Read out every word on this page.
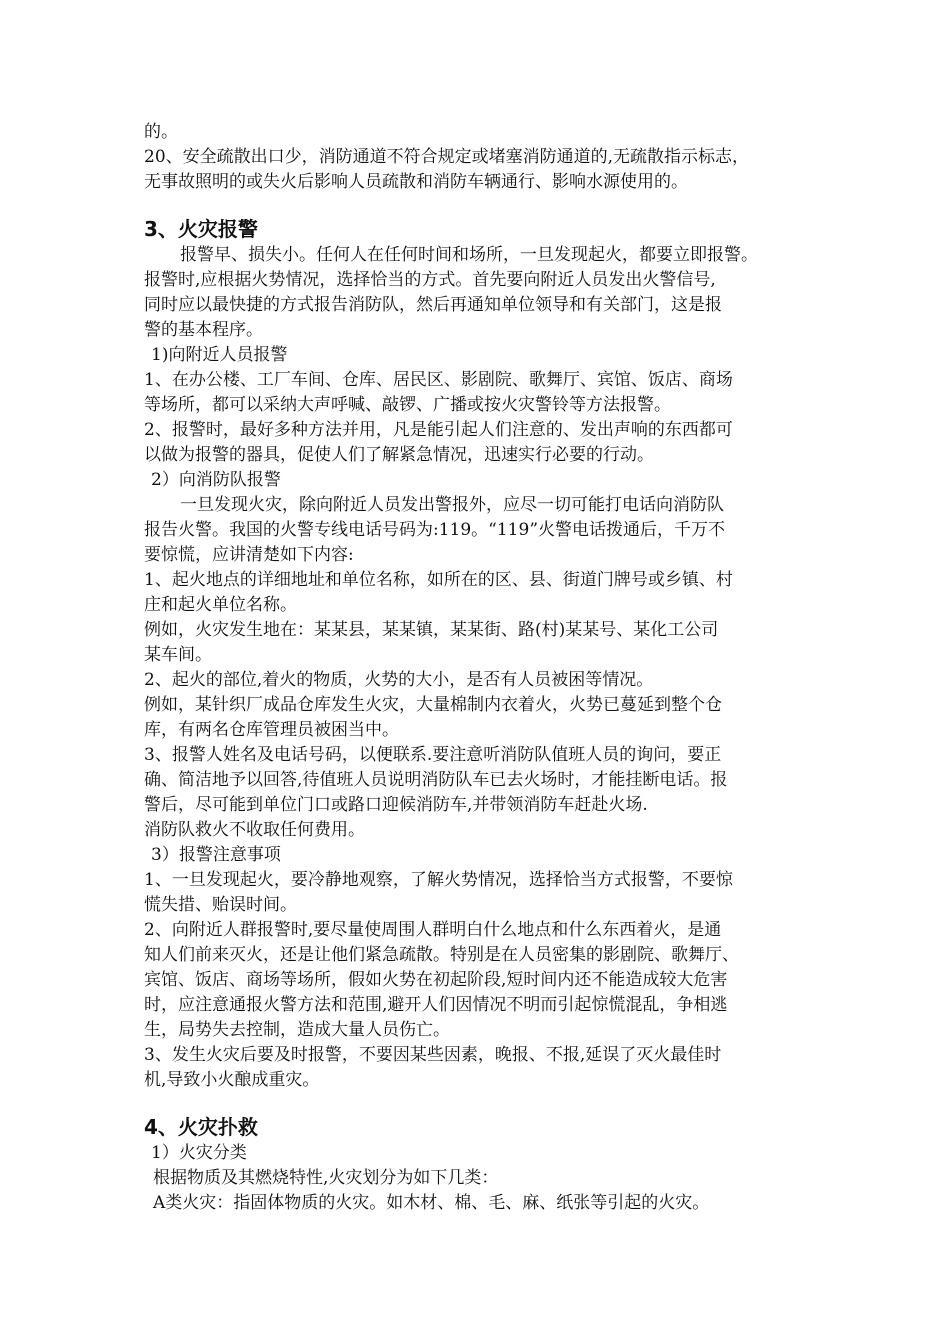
的。
20、安全疏散出口少，消防通道不符合规定或堵塞消防通道的,无疏散指示标志，
无事故照明的或失火后影响人员疏散和消防车辆通行、影响水源使用的。
3、火灾报警
报警早、损失小。任何人在任何时间和场所，一旦发现起火，都要立即报警。
报警时,应根据火势情况，选择恰当的方式。首先要向附近人员发出火警信号,
同时应以最快捷的方式报告消防队，然后再通知单位领导和有关部门，这是报
警的基本程序。
1)向附近人员报警
1、在办公楼、工厂车间、仓库、居民区、影剧院、歌舞厅、宾馆、饭店、商场
等场所，都可以采纳大声呼喊、敲锣、广播或按火灾警铃等方法报警。
2、报警时，最好多种方法并用，凡是能引起人们注意的、发出声响的东西都可
以做为报警的器具，促使人们了解紧急情况，迅速实行必要的行动。
2）向消防队报警
一旦发现火灾，除向附近人员发出警报外，应尽一切可能打电话向消防队
报告火警。我国的火警专线电话号码为:119。“119”火警电话拨通后，千万不
要惊慌，应讲清楚如下内容:
1、起火地点的详细地址和单位名称，如所在的区、县、街道门牌号或乡镇、村
庄和起火单位名称。
例如，火灾发生地在：某某县，某某镇，某某街、路(村)某某号、某化工公司
某车间。
2、起火的部位,着火的物质，火势的大小，是否有人员被困等情况。
例如，某针织厂成品仓库发生火灾，大量棉制内衣着火，火势已蔓延到整个仓
库，有两名仓库管理员被困当中。
3、报警人姓名及电话号码，以便联系.要注意听消防队值班人员的询问，要正
确、简洁地予以回答,待值班人员说明消防队车已去火场时，才能挂断电话。报
警后，尽可能到单位门口或路口迎候消防车,并带领消防车赶赴火场.
消防队救火不收取任何费用。
3）报警注意事项
1、一旦发现起火，要冷静地观察，了解火势情况，选择恰当方式报警，不要惊
慌失措、贻误时间。
2、向附近人群报警时,要尽量使周围人群明白什么地点和什么东西着火，是通
知人们前来灭火，还是让他们紧急疏散。特别是在人员密集的影剧院、歌舞厅、
宾馆、饭店、商场等场所，假如火势在初起阶段,短时间内还不能造成较大危害
时，应注意通报火警方法和范围,避开人们因情况不明而引起惊慌混乱，争相逃
生，局势失去控制，造成大量人员伤亡。
3、发生火灾后要及时报警，不要因某些因素，晚报、不报,延误了灭火最佳时
机,导致小火酿成重灾。
4、火灾扑救
1）火灾分类
根据物质及其燃烧特性,火灾划分为如下几类：
A类火灾：指固体物质的火灾。如木材、棉、毛、麻、纸张等引起的火灾。
